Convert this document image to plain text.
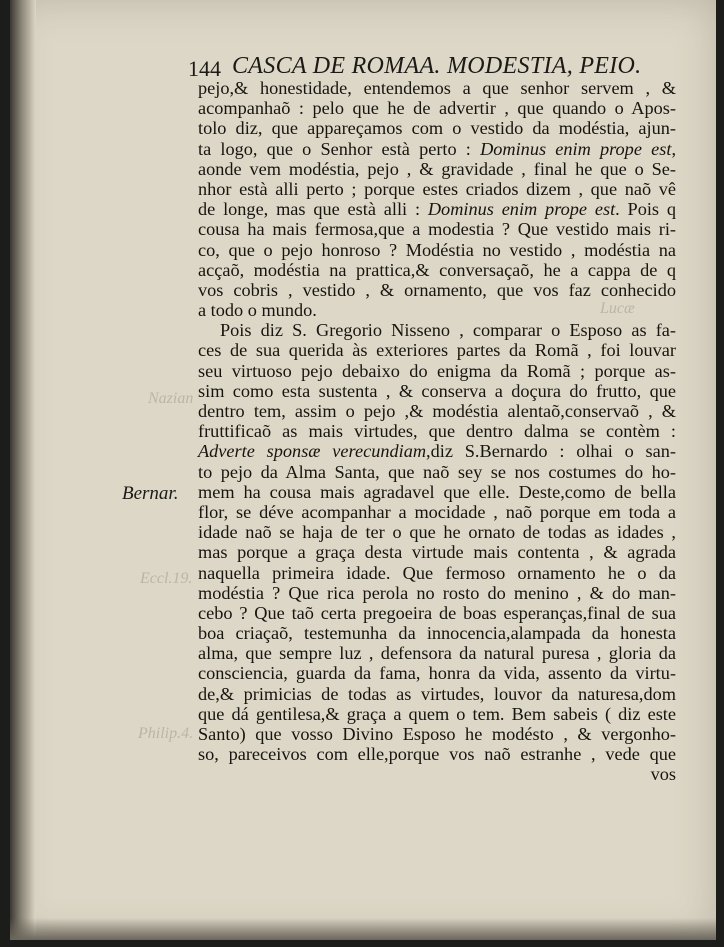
Lucæ
Nazian
Eccl.19.
Philip.4.
144 CASCA DE ROMAA. MODESTIA, PEIO.
Bernar.
pejo,& honestidade, entendemos a que senhor servem , &
acompanhaõ : pelo que he de advertir , que quando o Apos-
tolo diz, que appareçamos com o vestido da modéstia, ajun-
ta logo, que o Senhor està perto : Dominus enim prope est,
aonde vem modéstia, pejo , & gravidade , final he que o Se-
nhor està alli perto ; porque estes criados dizem , que naõ vê
de longe, mas que està alli : Dominus enim prope est. Pois q
cousa ha mais fermosa,que a modestia ? Que vestido mais ri-
co, que o pejo honroso ? Modéstia no vestido , modéstia na
acçaõ, modéstia na prattica,& conversaçaõ, he a cappa de q
vos cobris , vestido , & ornamento, que vos faz conhecido
a todo o mundo.
Pois diz S. Gregorio Nisseno , comparar o Esposo as fa-
ces de sua querida às exteriores partes da Romã , foi louvar
seu virtuoso pejo debaixo do enigma da Romã ; porque as-
sim como esta sustenta , & conserva a doçura do frutto, que
dentro tem, assim o pejo ,& modéstia alentaõ,conservaõ , &
fruttificaõ as mais virtudes, que dentro dalma se contèm :
Adverte sponsæ verecundiam,diz S.Bernardo : olhai o san-
to pejo da Alma Santa, que naõ sey se nos costumes do ho-
mem ha cousa mais agradavel que elle. Deste,como de bella
flor, se déve acompanhar a mocidade , naõ porque em toda a
idade naõ se haja de ter o que he ornato de todas as idades ,
mas porque a graça desta virtude mais contenta , & agrada
naquella primeira idade. Que fermoso ornamento he o da
modéstia ? Que rica perola no rosto do menino , & do man-
cebo ? Que taõ certa pregoeira de boas esperanças,final de sua
boa criaçaõ, testemunha da innocencia,alampada da honesta
alma, que sempre luz , defensora da natural puresa , gloria da
consciencia, guarda da fama, honra da vida, assento da virtu-
de,& primicias de todas as virtudes, louvor da naturesa,dom
que dá gentilesa,& graça a quem o tem. Bem sabeis ( diz este
Santo) que vosso Divino Esposo he modésto , & vergonho-
so, pareceivos com elle,porque vos naõ estranhe , vede que
vos
